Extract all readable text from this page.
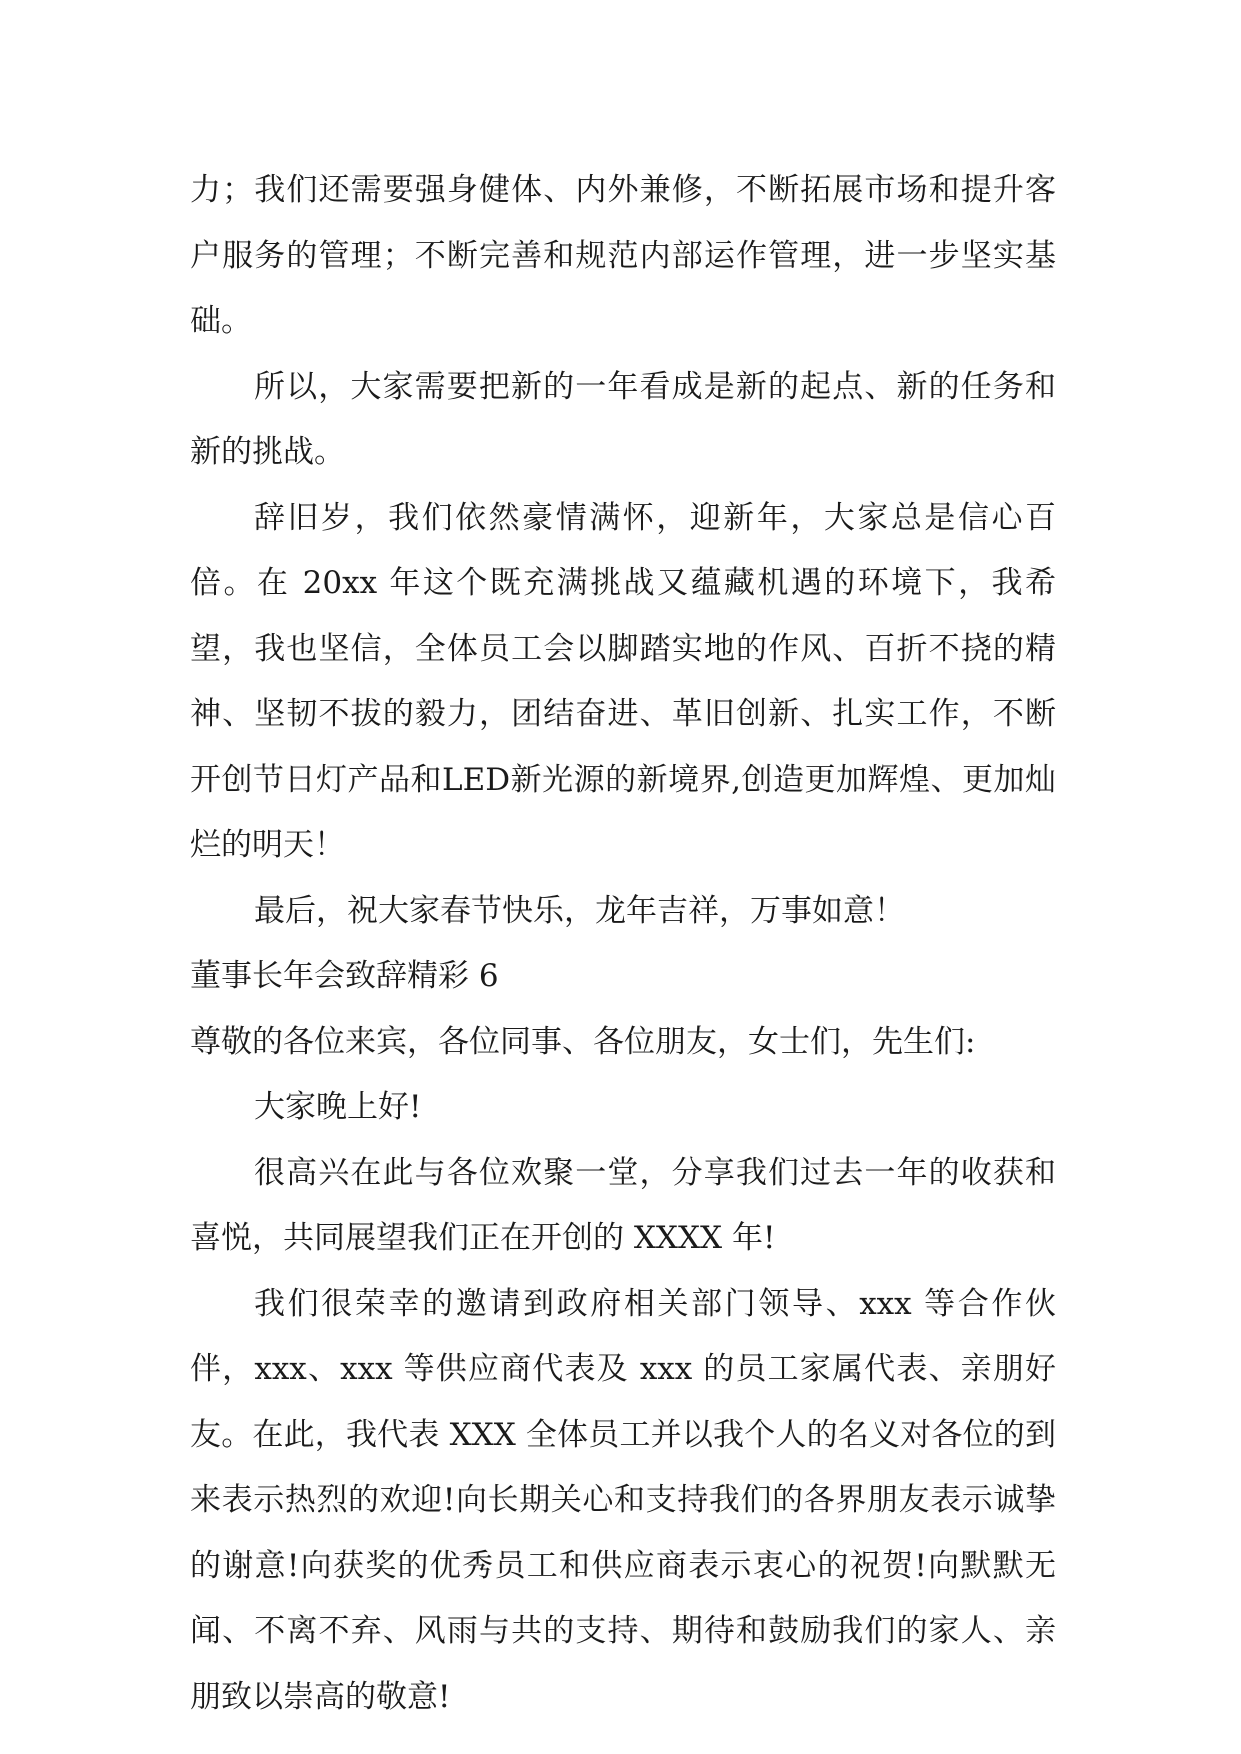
力；我们还需要强身健体、内外兼修，不断拓展市场和提升客户服务的管理；不断完善和规范内部运作管理，进一步坚实基础。

所以，大家需要把新的一年看成是新的起点、新的任务和新的挑战。

辞旧岁，我们依然豪情满怀，迎新年，大家总是信心百倍。在 20xx 年这个既充满挑战又蕴藏机遇的环境下，我希望，我也坚信，全体员工会以脚踏实地的作风、百折不挠的精神、坚韧不拔的毅力，团结奋进、革旧创新、扎实工作，不断开创节日灯产品和LED新光源的新境界,创造更加辉煌、更加灿烂的明天！

最后，祝大家春节快乐，龙年吉祥，万事如意！

董事长年会致辞精彩 6

尊敬的各位来宾，各位同事、各位朋友，女士们，先生们:

大家晚上好!

很高兴在此与各位欢聚一堂，分享我们过去一年的收获和喜悦，共同展望我们正在开创的 XXXX 年!

我们很荣幸的邀请到政府相关部门领导、xxx 等合作伙伴，xxx、xxx 等供应商代表及 xxx 的员工家属代表、亲朋好友。在此，我代表 XXX 全体员工并以我个人的名义对各位的到来表示热烈的欢迎!向长期关心和支持我们的各界朋友表示诚挚的谢意!向获奖的优秀员工和供应商表示衷心的祝贺!向默默无闻、不离不弃、风雨与共的支持、期待和鼓励我们的家人、亲朋致以崇高的敬意!
